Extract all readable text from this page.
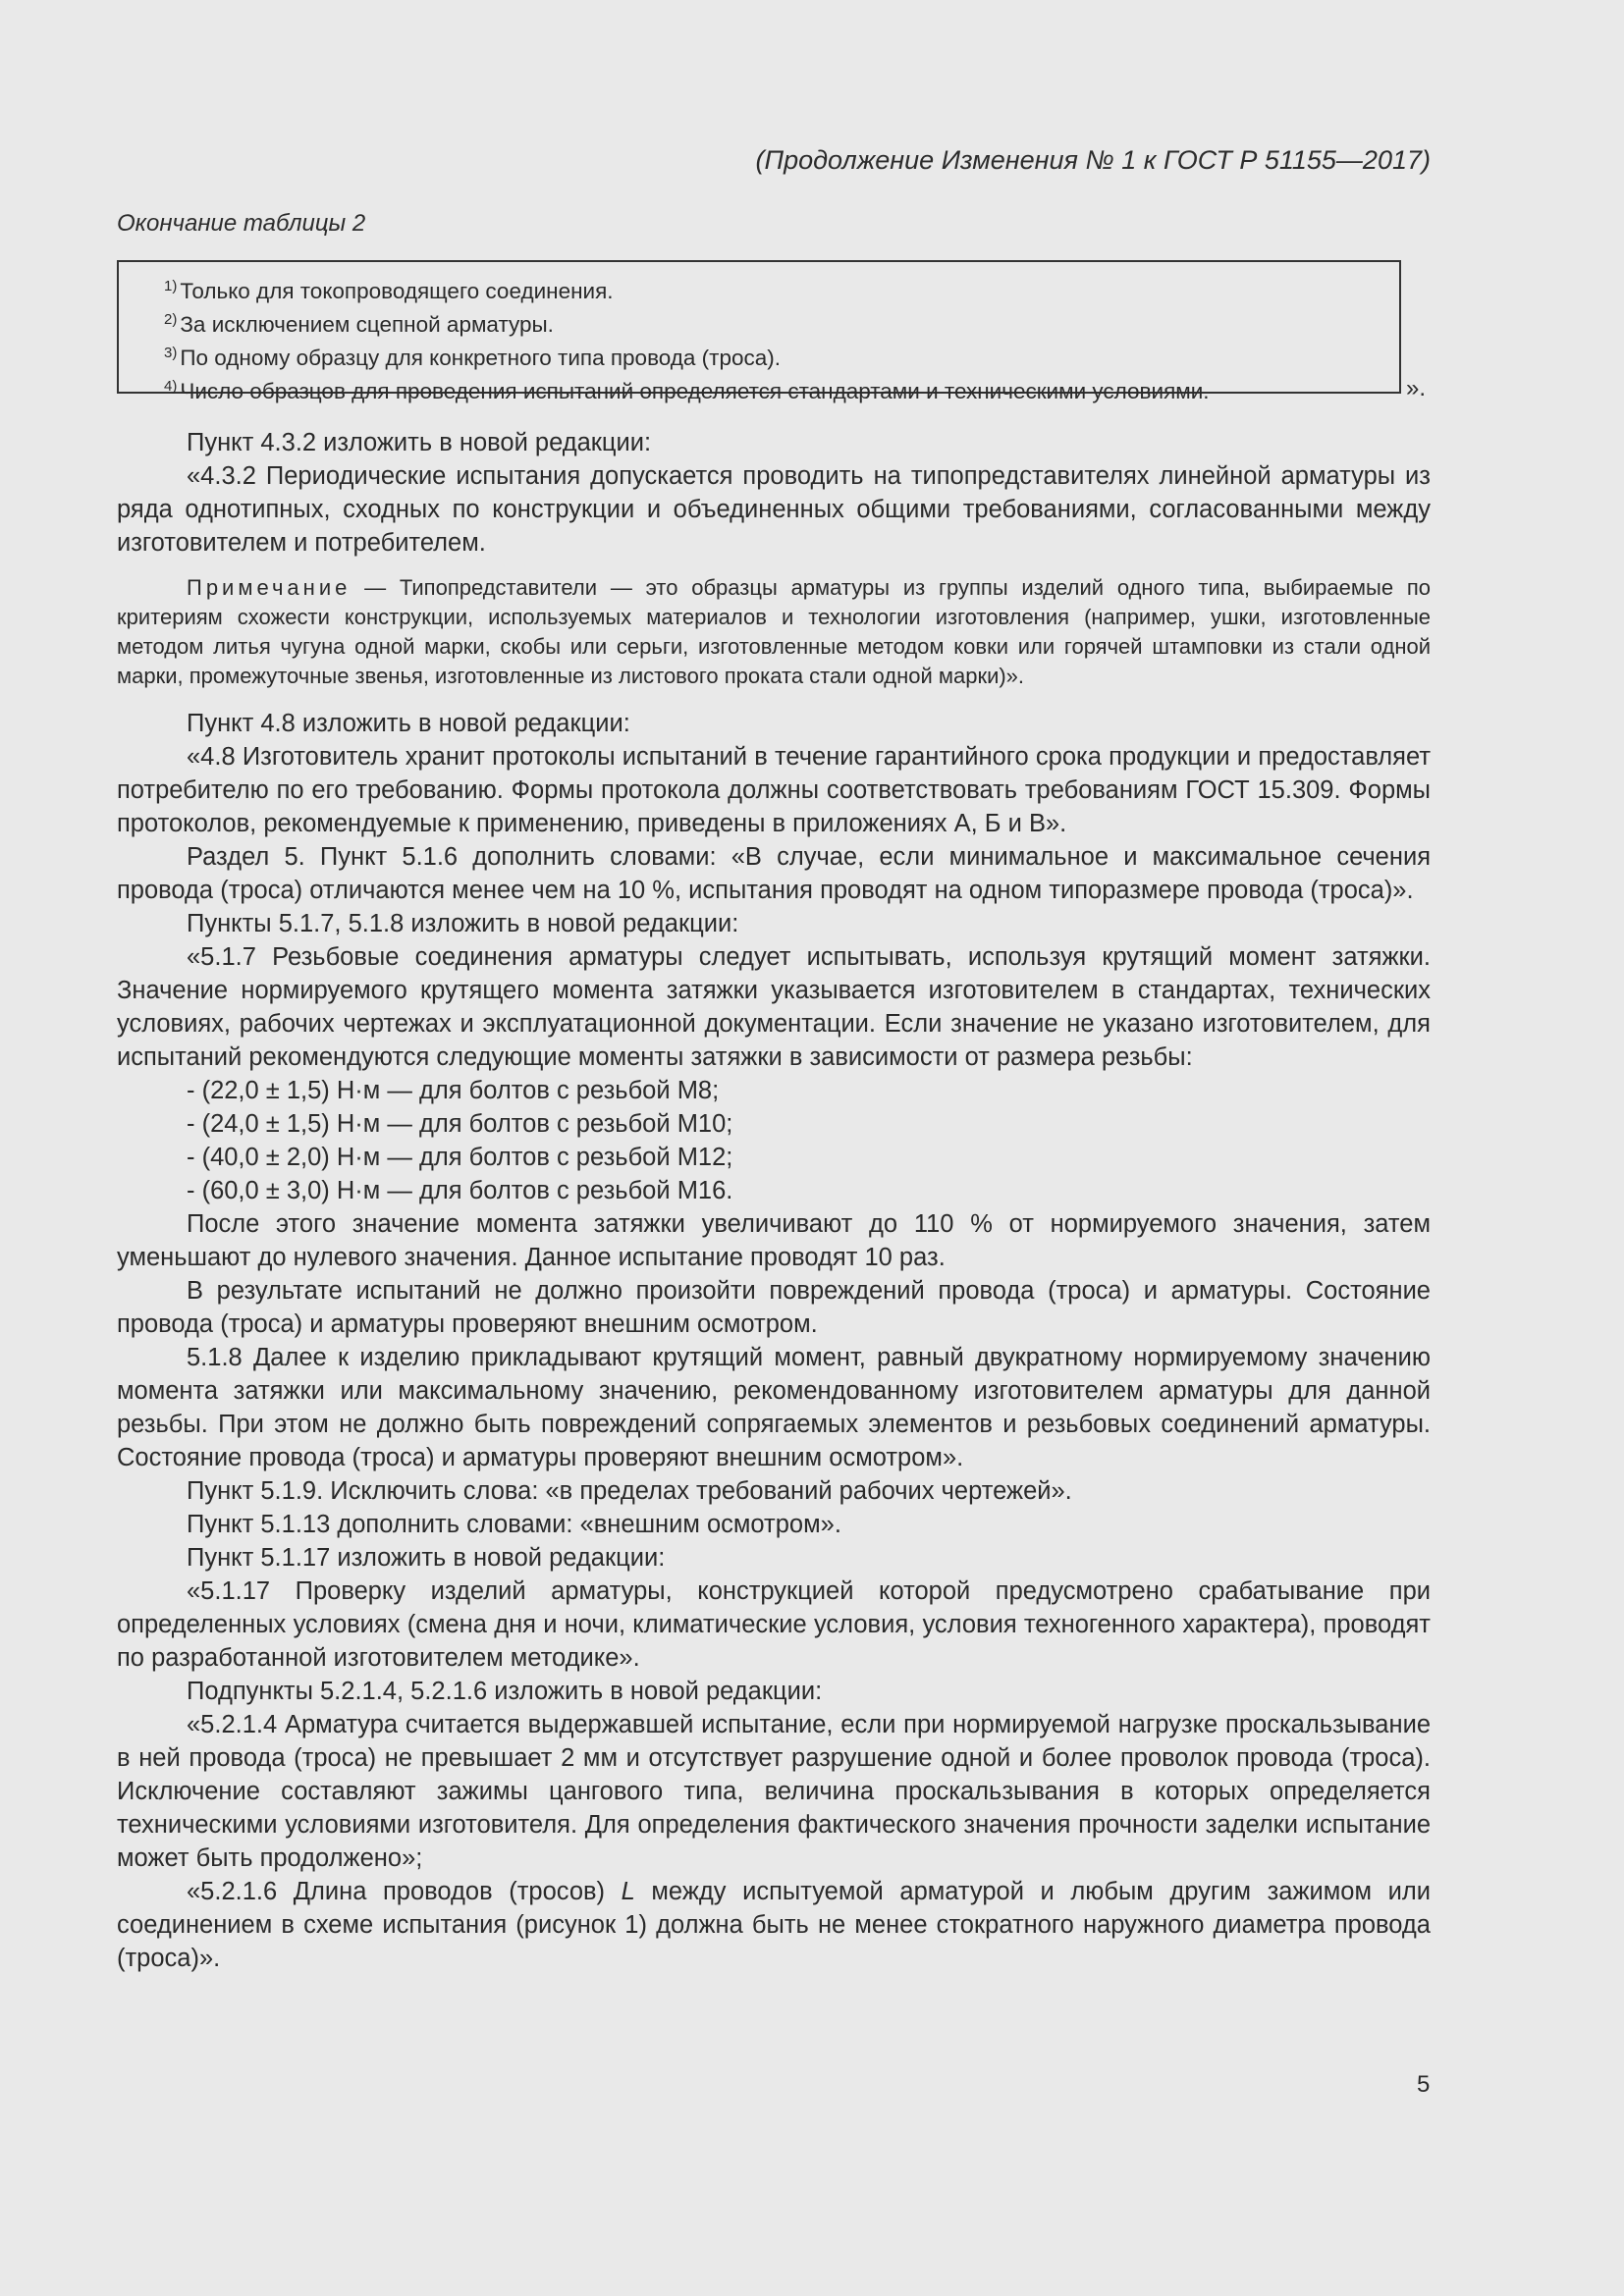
(Продолжение Изменения № 1 к ГОСТ Р 51155—2017)
Окончание таблицы 2
$^{1)}$ Только для токопроводящего соединения.
$^{2)}$ За исключением сцепной арматуры.
$^{3)}$ По одному образцу для конкретного типа провода (троса).
$^{4)}$ Число образцов для проведения испытаний определяется стандартами и техническими условиями.	».

Пункт 4.3.2 изложить в новой редакции:

«4.3.2 Периодические испытания допускается проводить на типопредставителях линейной арматуры из ряда однотипных, сходных по конструкции и объединенных общими требованиями, согласованными между изготовителем и потребителем.

Примечание — Типопредставители — это образцы арматуры из группы изделий одного типа, выбираемые по критериям схожести конструкции, используемых материалов и технологии изготовления (например, ушки, изготовленные методом литья чугуна одной марки, скобы или серьги, изготовленные методом ковки или горячей штамповки из стали одной марки, промежуточные звенья, изготовленные из листового проката стали одной марки)».

Пункт 4.8 изложить в новой редакции:

«4.8 Изготовитель хранит протоколы испытаний в течение гарантийного срока продукции и предоставляет потребителю по его требованию. Формы протокола должны соответствовать требованиям ГОСТ 15.309. Формы протоколов, рекомендуемые к применению, приведены в приложениях А, Б и В».

Раздел 5. Пункт 5.1.6 дополнить словами: «В случае, если минимальное и максимальное сечения провода (троса) отличаются менее чем на 10 %, испытания проводят на одном типоразмере провода (троса)».

Пункты 5.1.7, 5.1.8 изложить в новой редакции:

«5.1.7 Резьбовые соединения арматуры следует испытывать, используя крутящий момент затяжки. Значение нормируемого крутящего момента затяжки указывается изготовителем в стандартах, технических условиях, рабочих чертежах и эксплуатационной документации. Если значение не указано изготовителем, для испытаний рекомендуются следующие моменты затяжки в зависимости от размера резьбы:

- (22,0 ± 1,5) Н·м — для болтов с резьбой М8;

- (24,0 ± 1,5) Н·м — для болтов с резьбой М10;

- (40,0 ± 2,0) Н·м — для болтов с резьбой М12;

- (60,0 ± 3,0) Н·м — для болтов с резьбой М16.

После этого значение момента затяжки увеличивают до 110 % от нормируемого значения, затем уменьшают до нулевого значения. Данное испытание проводят 10 раз.

В результате испытаний не должно произойти повреждений провода (троса) и арматуры. Состояние провода (троса) и арматуры проверяют внешним осмотром.

5.1.8 Далее к изделию прикладывают крутящий момент, равный двукратному нормируемому значению момента затяжки или максимальному значению, рекомендованному изготовителем арматуры для данной резьбы. При этом не должно быть повреждений сопрягаемых элементов и резьбовых соединений арматуры. Состояние провода (троса) и арматуры проверяют внешним осмотром».

Пункт 5.1.9. Исключить слова: «в пределах требований рабочих чертежей».

Пункт 5.1.13 дополнить словами: «внешним осмотром».

Пункт 5.1.17 изложить в новой редакции:

«5.1.17 Проверку изделий арматуры, конструкцией которой предусмотрено срабатывание при определенных условиях (смена дня и ночи, климатические условия, условия техногенного характера), проводят по разработанной изготовителем методике».

Подпункты 5.2.1.4, 5.2.1.6 изложить в новой редакции:

«5.2.1.4 Арматура считается выдержавшей испытание, если при нормируемой нагрузке проскальзывание в ней провода (троса) не превышает 2 мм и отсутствует разрушение одной и более проволок провода (троса). Исключение составляют зажимы цангового типа, величина проскальзывания в которых определяется техническими условиями изготовителя. Для определения фактического значения прочности заделки испытание может быть продолжено»;

«5.2.1.6 Длина проводов (тросов) L между испытуемой арматурой и любым другим зажимом или соединением в схеме испытания (рисунок 1) должна быть не менее стократного наружного диаметра провода (троса)».

5
